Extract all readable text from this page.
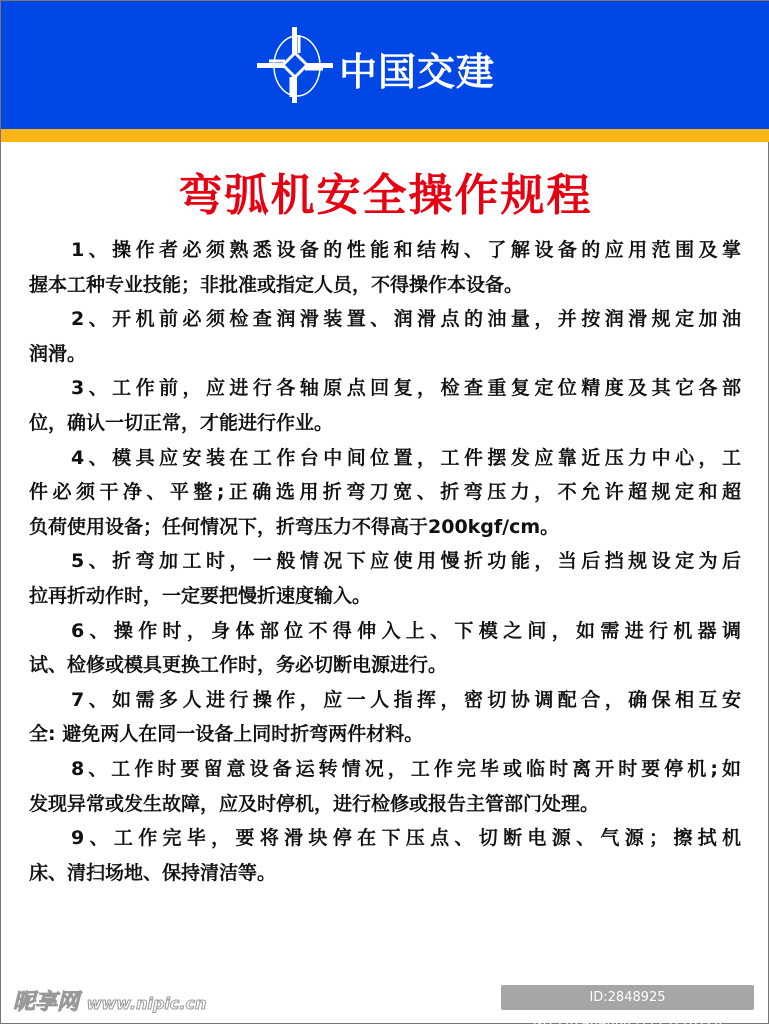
中国交建
弯弧机安全操作规程
1、操作者必须熟悉设备的性能和结构、了解设备的应用范围及掌
握本工种专业技能；非批准或指定人员，不得操作本设备。
2、开机前必须检查润滑装置、润滑点的油量，并按润滑规定加油
润滑。
3、工作前，应进行各轴原点回复，检查重复定位精度及其它各部
位，确认一切正常，才能进行作业。
4、模具应安装在工作台中间位置，工件摆发应靠近压力中心，工
件必须干净、平整;正确选用折弯刀宽、折弯压力，不允许超规定和超
负荷使用设备；任何情况下，折弯压力不得高于200kgf/cm。
5、折弯加工时，一般情况下应使用慢折功能，当后挡规设定为后
拉再折动作时，一定要把慢折速度输入。
6、操作时，身体部位不得伸入上、下模之间，如需进行机器调
试、检修或模具更换工作时，务必切断电源进行。
7、如需多人进行操作，应一人指挥，密切协调配合，确保相互安
全: 避免两人在同一设备上同时折弯两件材料。
8、工作时要留意设备运转情况，工作完毕或临时离开时要停机;如
发现异常或发生故障，应及时停机，进行检修或报告主管部门处理。
9、工作完毕，要将滑块停在下压点、切断电源、气源；擦拭机
床、清扫场地、保持清洁等。
昵享网 www.nipic.cn	ID:2848925 NO:20240406091115778120
